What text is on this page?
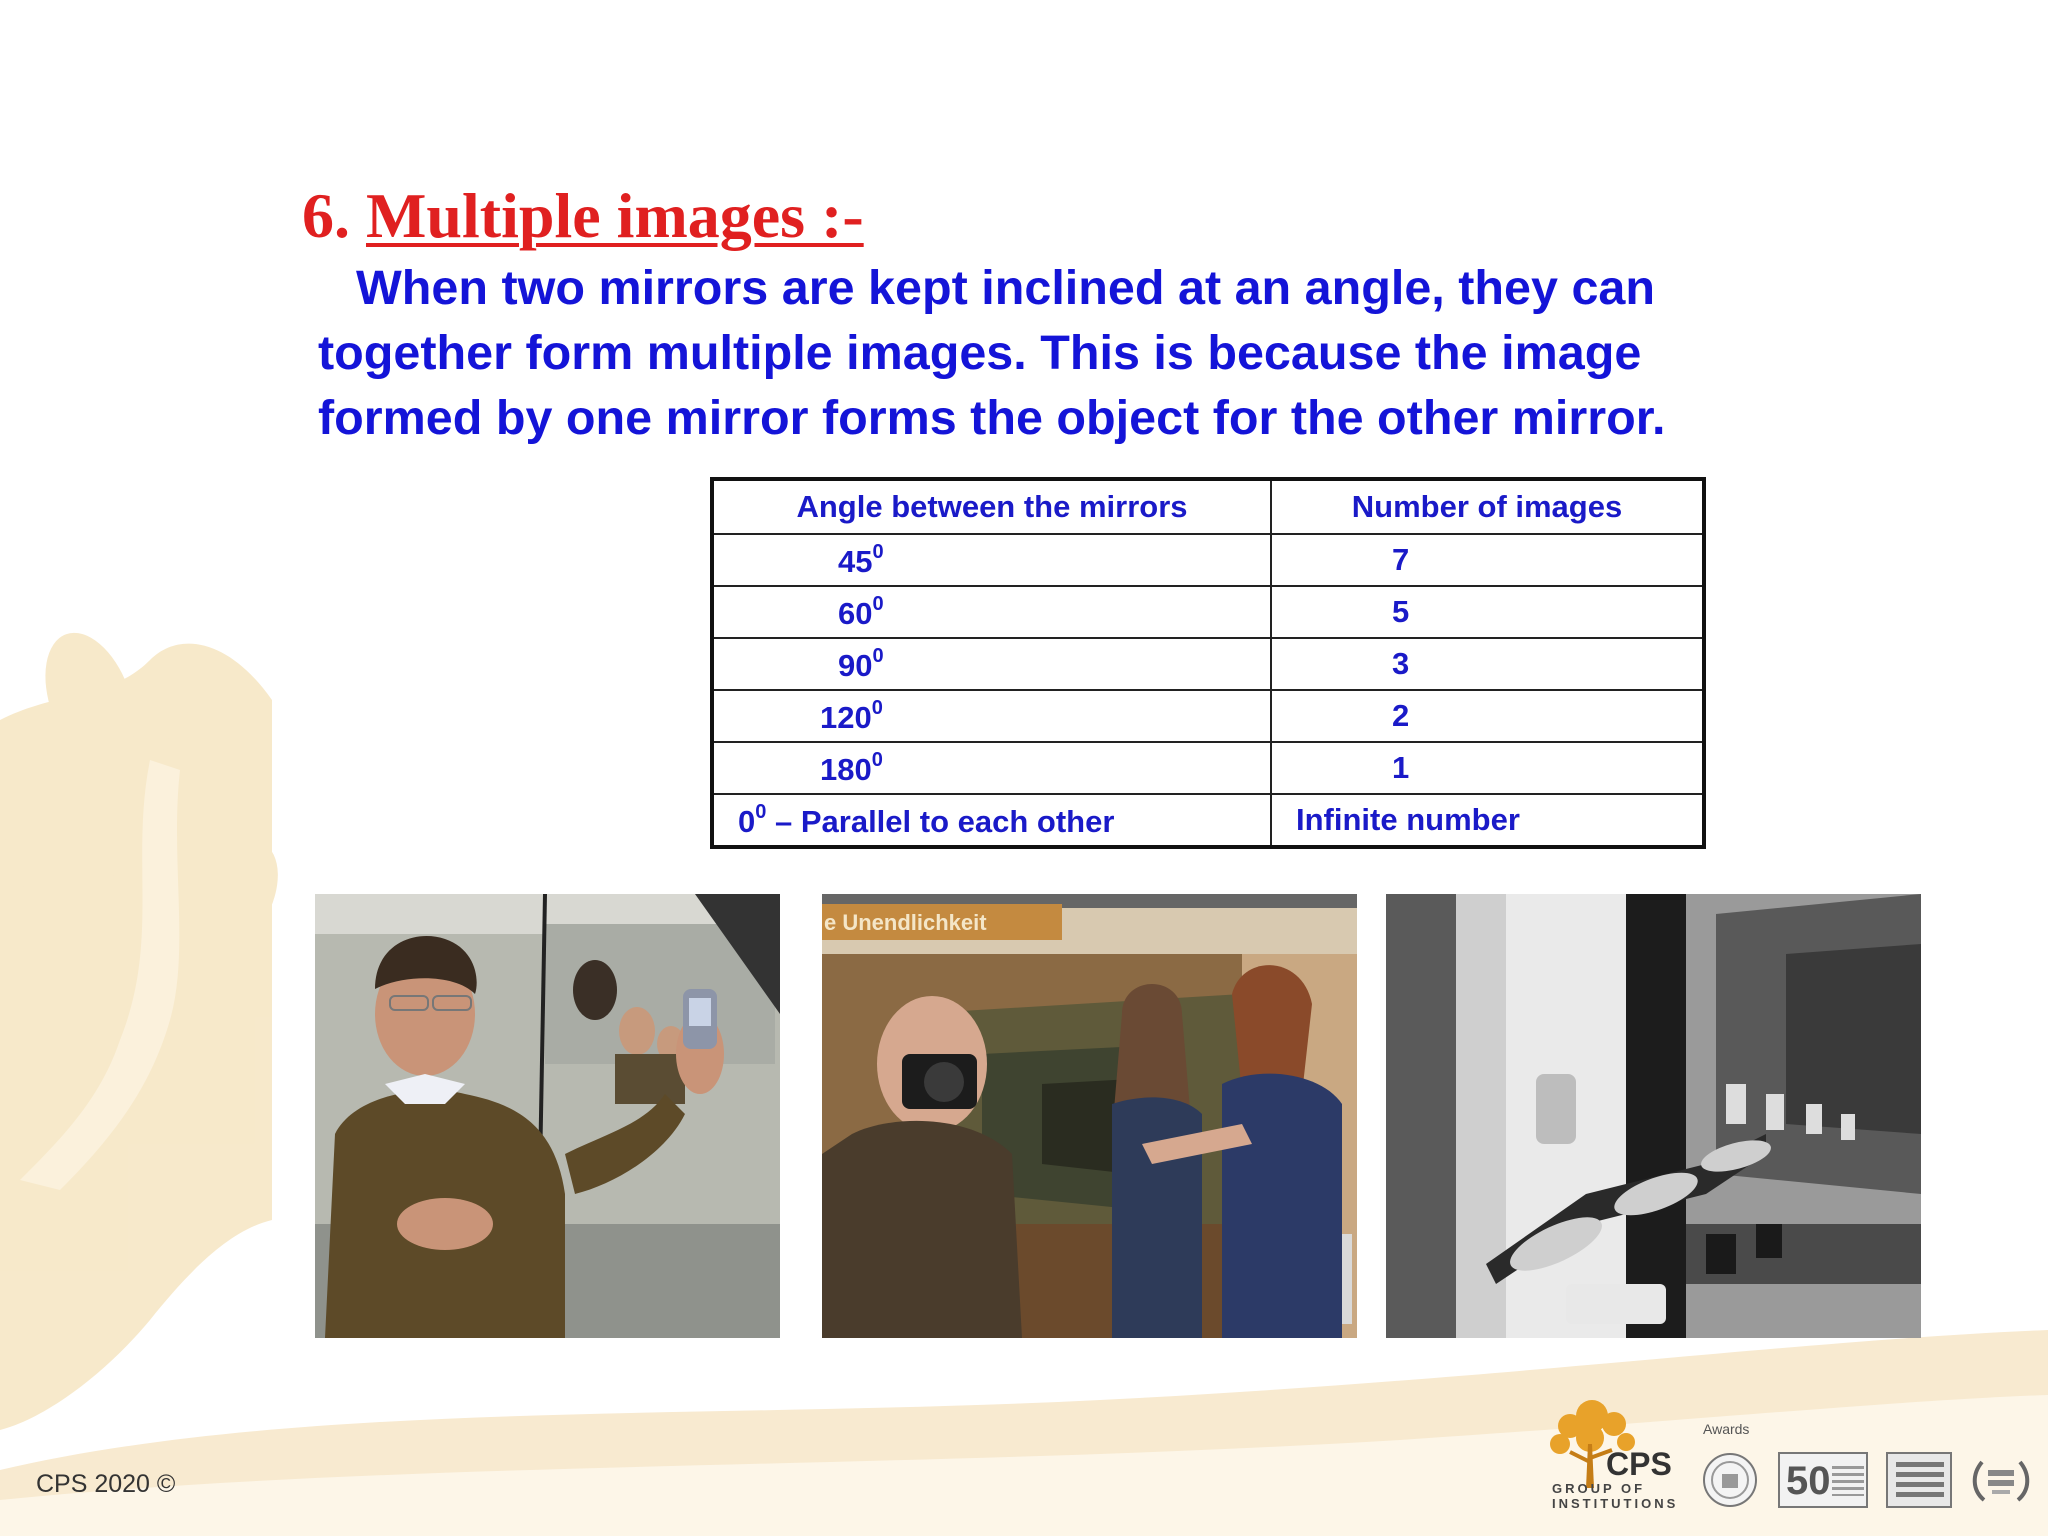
6. Multiple images :-
When two mirrors are kept inclined at an angle, they can
together form multiple images. This is because the image
formed by one mirror forms the object for the other mirror.
Angle between the mirrors	Number of images
$45^0$	7
$60^0$	5
$90^0$	3
$120^0$	2
$180^0$	1
$0^0$ – Parallel to each other	Infinite number
e Unendlichkeit
CPS 2020 ©
CPS
GROUP OF
INSTITUTIONS
Awards
50
